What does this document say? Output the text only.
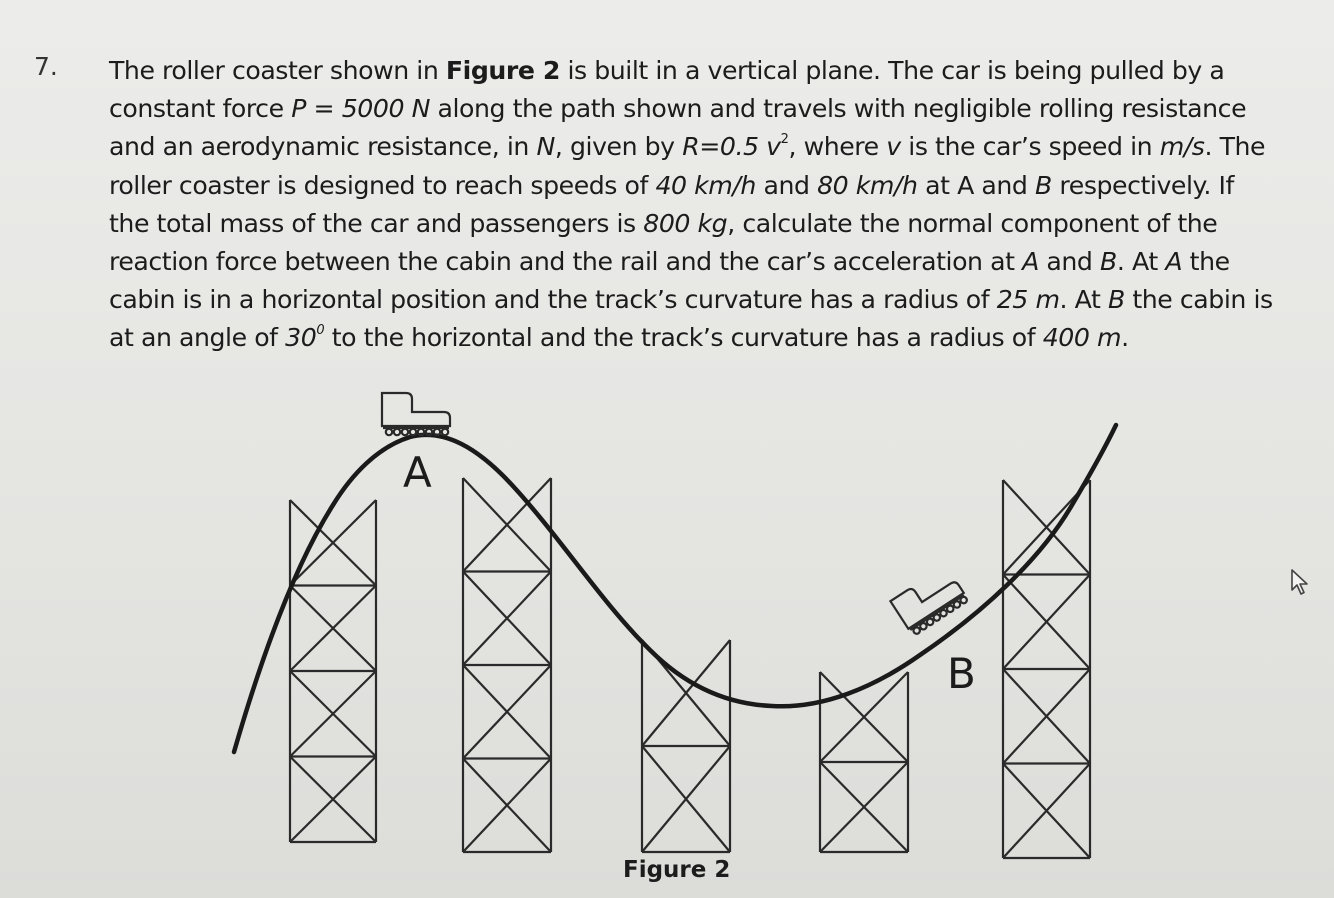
7. The roller coaster shown in Figure 2 is built in a vertical plane. The car is being pulled by a
constant force P = 5000 N along the path shown and travels with negligible rolling resistance
and an aerodynamic resistance, in N, given by R=0.5 $v^2$, where v is the car’s speed in m/s. The
roller coaster is designed to reach speeds of 40 km/h and 80 km/h at A and B respectively. If
the total mass of the car and passengers is 800 kg, calculate the normal component of the
reaction force between the cabin and the rail and the car’s acceleration at A and B. At A the
cabin is in a horizontal position and the track’s curvature has a radius of 25 m. At B the cabin is
at an angle of $30^0$ to the horizontal and the track’s curvature has a radius of 400 m.
A
B
Figure 2
